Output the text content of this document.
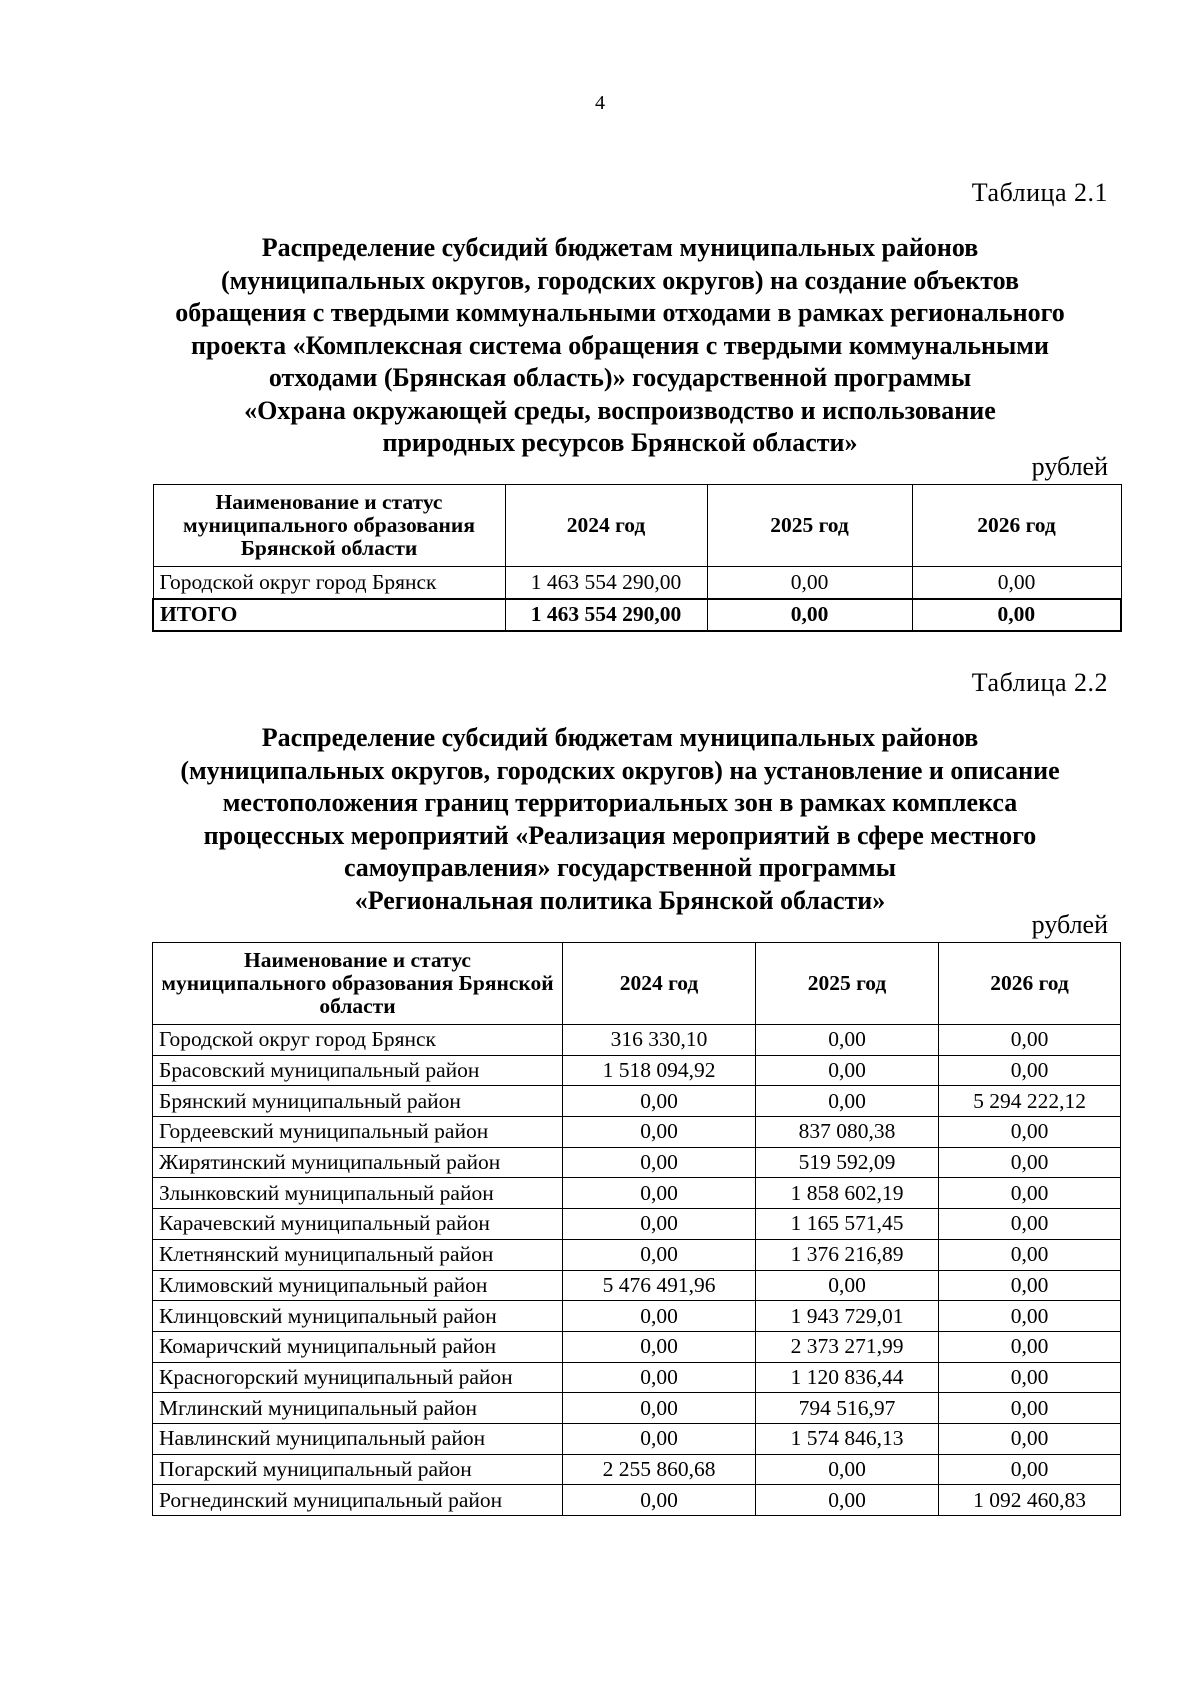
4
Таблица 2.1
Распределение субсидий бюджетам муниципальных районов
(муниципальных округов, городских округов) на создание объектов
обращения с твердыми коммунальными отходами в рамках регионального
проекта «Комплексная система обращения с твердыми коммунальными
отходами (Брянская область)» государственной программы
«Охрана окружающей среды, воспроизводство и использование
природных ресурсов Брянской области»
рублей
Наименование и статус муниципального образования Брянской области	2024 год	2025 год	2026 год
Городской округ город Брянск	1 463 554 290,00	0,00	0,00
ИТОГО	1 463 554 290,00	0,00	0,00
Таблица 2.2
Распределение субсидий бюджетам муниципальных районов
(муниципальных округов, городских округов) на установление и описание
местоположения границ территориальных зон в рамках комплекса
процессных мероприятий «Реализация мероприятий в сфере местного
самоуправления» государственной программы
«Региональная политика Брянской области»
рублей
Наименование и статус муниципального образования Брянской области	2024 год	2025 год	2026 год
Городской округ город Брянск	316 330,10	0,00	0,00
Брасовский муниципальный район	1 518 094,92	0,00	0,00
Брянский муниципальный район	0,00	0,00	5 294 222,12
Гордеевский муниципальный район	0,00	837 080,38	0,00
Жирятинский муниципальный район	0,00	519 592,09	0,00
Злынковский муниципальный район	0,00	1 858 602,19	0,00
Карачевский муниципальный район	0,00	1 165 571,45	0,00
Клетнянский муниципальный район	0,00	1 376 216,89	0,00
Климовский муниципальный район	5 476 491,96	0,00	0,00
Клинцовский муниципальный район	0,00	1 943 729,01	0,00
Комаричский муниципальный район	0,00	2 373 271,99	0,00
Красногорский муниципальный район	0,00	1 120 836,44	0,00
Мглинский муниципальный район	0,00	794 516,97	0,00
Навлинский муниципальный район	0,00	1 574 846,13	0,00
Погарский муниципальный район	2 255 860,68	0,00	0,00
Рогнединский муниципальный район	0,00	0,00	1 092 460,83
